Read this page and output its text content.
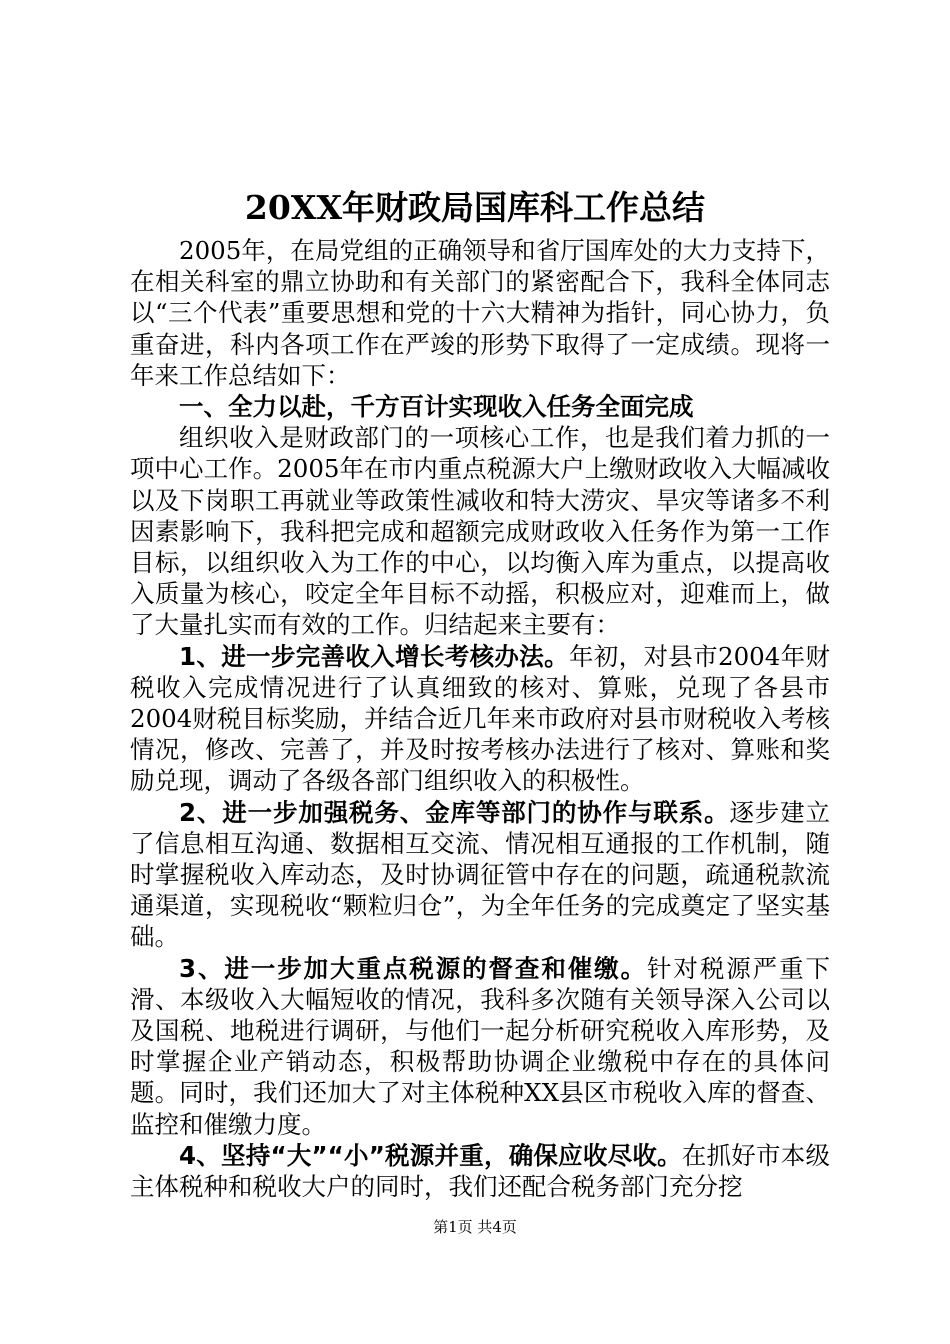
20XX年财政局国库科工作总结

2005年，在局党组的正确领导和省厅国库处的大力支持下，在相关科室的鼎立协助和有关部门的紧密配合下，我科全体同志以“三个代表”重要思想和党的十六大精神为指针，同心协力，负重奋进，科内各项工作在严竣的形势下取得了一定成绩。现将一年来工作总结如下：

一、全力以赴，千方百计实现收入任务全面完成

组织收入是财政部门的一项核心工作，也是我们着力抓的一项中心工作。2005年在市内重点税源大户上缴财政收入大幅减收以及下岗职工再就业等政策性减收和特大涝灾、旱灾等诸多不利因素影响下，我科把完成和超额完成财政收入任务作为第一工作目标，以组织收入为工作的中心，以均衡入库为重点，以提高收入质量为核心，咬定全年目标不动摇，积极应对，迎难而上，做了大量扎实而有效的工作。归结起来主要有：

1、进一步完善收入增长考核办法。年初，对县市2004年财税收入完成情况进行了认真细致的核对、算账，兑现了各县市2004财税目标奖励，并结合近几年来市政府对县市财税收入考核情况，修改、完善了，并及时按考核办法进行了核对、算账和奖励兑现，调动了各级各部门组织收入的积极性。

2、进一步加强税务、金库等部门的协作与联系。逐步建立了信息相互沟通、数据相互交流、情况相互通报的工作机制，随时掌握税收入库动态，及时协调征管中存在的问题，疏通税款流通渠道，实现税收“颗粒归仓”，为全年任务的完成奠定了坚实基础。

3、进一步加大重点税源的督查和催缴。针对税源严重下滑、本级收入大幅短收的情况，我科多次随有关领导深入公司以及国税、地税进行调研，与他们一起分析研究税收入库形势，及时掌握企业产销动态，积极帮助协调企业缴税中存在的具体问题。同时，我们还加大了对主体税种XX县区市税收入库的督查、监控和催缴力度。

4、坚持“大”“小”税源并重，确保应收尽收。在抓好市本级主体税种和税收大户的同时，我们还配合税务部门充分挖

第1页 共4页
